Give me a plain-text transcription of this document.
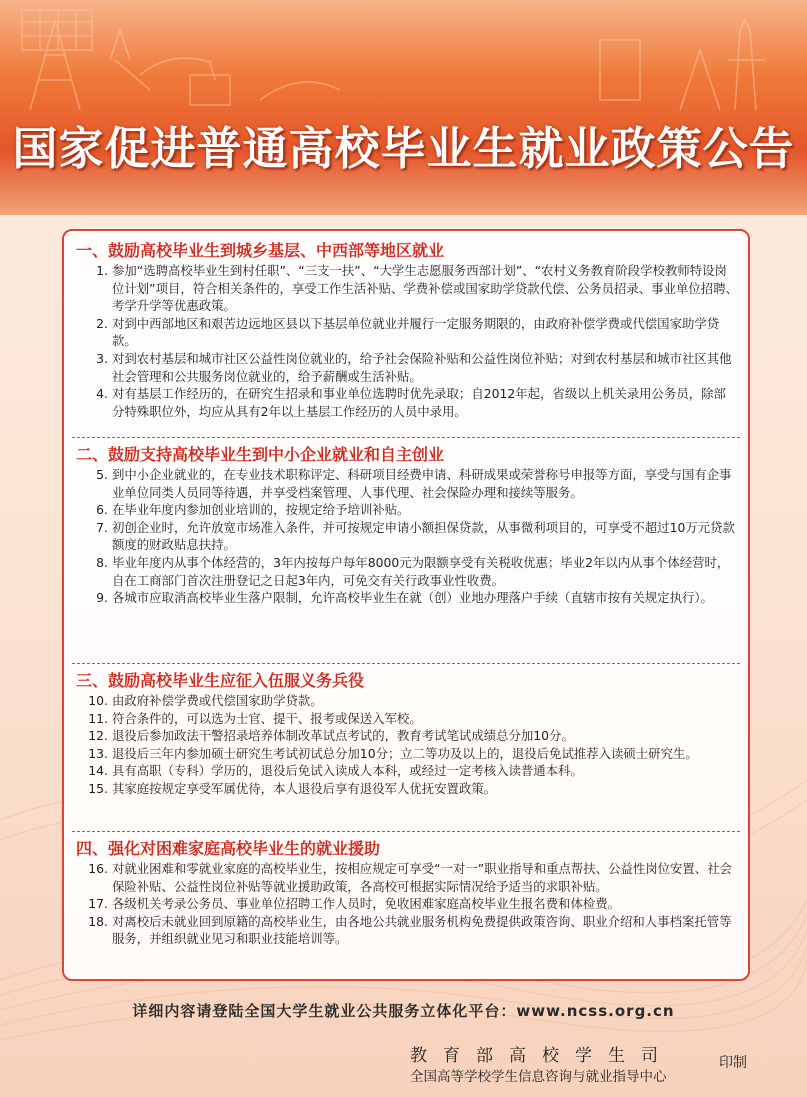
国家促进普通高校毕业生就业政策公告
一、鼓励高校毕业生到城乡基层、中西部等地区就业
1. 参加“选聘高校毕业生到村任职”、“三支一扶”、“大学生志愿服务西部计划”、“农村义务教育阶段学校教师特设岗位计划”项目，符合相关条件的，享受工作生活补贴、学费补偿或国家助学贷款代偿、公务员招录、事业单位招聘、考学升学等优惠政策。
2. 对到中西部地区和艰苦边远地区县以下基层单位就业并履行一定服务期限的，由政府补偿学费或代偿国家助学贷款。
3. 对到农村基层和城市社区公益性岗位就业的，给予社会保险补贴和公益性岗位补贴；对到农村基层和城市社区其他社会管理和公共服务岗位就业的，给予薪酬或生活补贴。
4. 对有基层工作经历的，在研究生招录和事业单位选聘时优先录取；自2012年起，省级以上机关录用公务员，除部分特殊职位外，均应从具有2年以上基层工作经历的人员中录用。
二、鼓励支持高校毕业生到中小企业就业和自主创业
5. 到中小企业就业的，在专业技术职称评定、科研项目经费申请、科研成果或荣誉称号申报等方面，享受与国有企事业单位同类人员同等待遇，并享受档案管理、人事代理、社会保险办理和接续等服务。
6. 在毕业年度内参加创业培训的，按规定给予培训补贴。
7. 初创企业时，允许放宽市场准入条件，并可按规定申请小额担保贷款，从事微利项目的，可享受不超过10万元贷款额度的财政贴息扶持。
8. 毕业年度内从事个体经营的，3年内按每户每年8000元为限额享受有关税收优惠；毕业2年以内从事个体经营时，自在工商部门首次注册登记之日起3年内，可免交有关行政事业性收费。
9. 各城市应取消高校毕业生落户限制，允许高校毕业生在就（创）业地办理落户手续（直辖市按有关规定执行）。
三、鼓励高校毕业生应征入伍服义务兵役
10. 由政府补偿学费或代偿国家助学贷款。
11. 符合条件的，可以选为士官、提干、报考或保送入军校。
12. 退役后参加政法干警招录培养体制改革试点考试的，教育考试笔试成绩总分加10分。
13. 退役后三年内参加硕士研究生考试初试总分加10分；立二等功及以上的，退役后免试推荐入读硕士研究生。
14. 具有高职（专科）学历的，退役后免试入读成人本科，或经过一定考核入读普通本科。
15. 其家庭按规定享受军属优待，本人退役后享有退役军人优抚安置政策。
四、强化对困难家庭高校毕业生的就业援助
16. 对就业困难和零就业家庭的高校毕业生，按相应规定可享受“一对一”职业指导和重点帮扶、公益性岗位安置、社会保险补贴、公益性岗位补贴等就业援助政策，各高校可根据实际情况给予适当的求职补贴。
17. 各级机关考录公务员、事业单位招聘工作人员时，免收困难家庭高校毕业生报名费和体检费。
18. 对离校后未就业回到原籍的高校毕业生，由各地公共就业服务机构免费提供政策咨询、职业介绍和人事档案托管等服务，并组织就业见习和职业技能培训等。
详细内容请登陆全国大学生就业公共服务立体化平台：www.ncss.org.cn
教育部高校学生司
全国高等学校学生信息咨询与就业指导中心
印制
